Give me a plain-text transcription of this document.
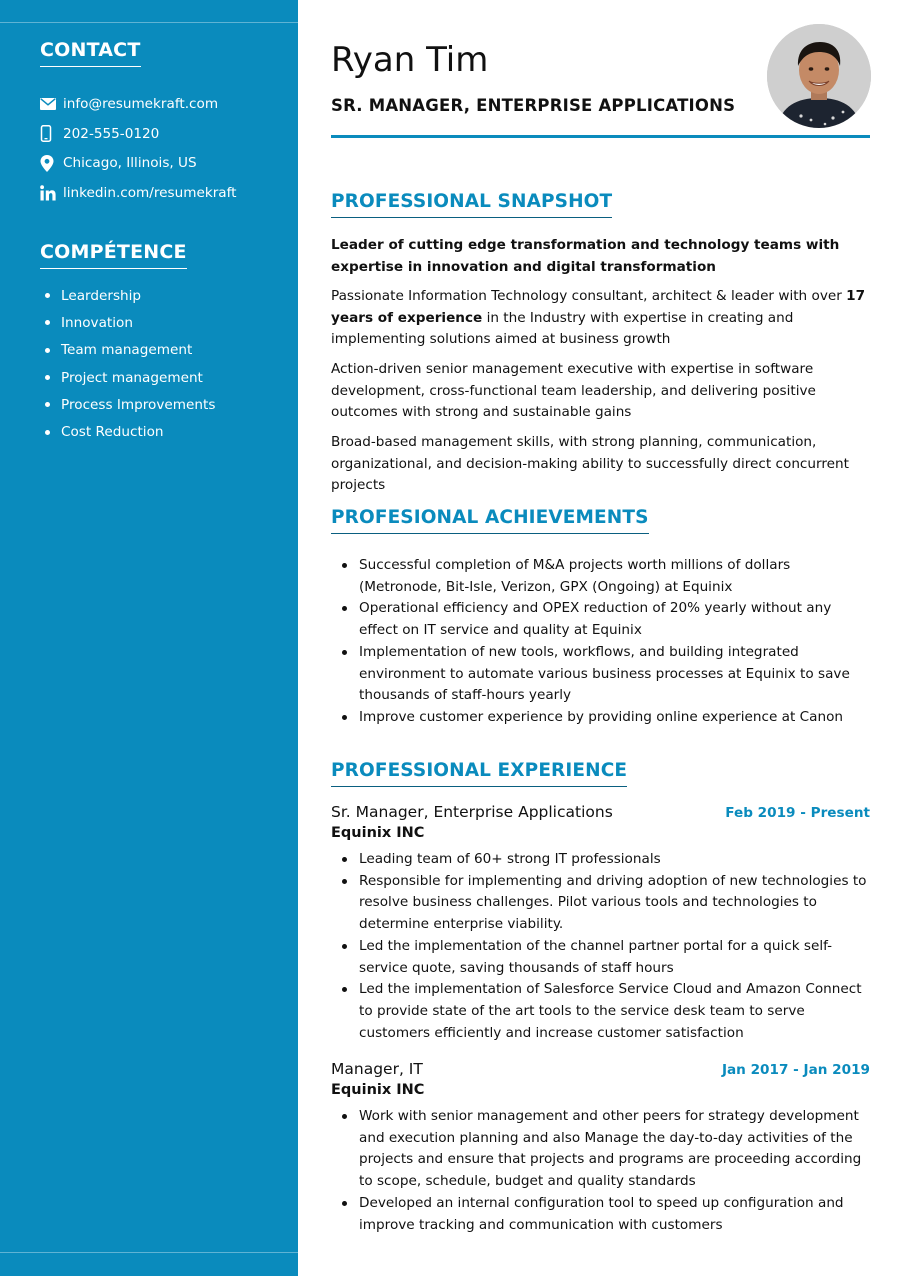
CONTACT
info@resumekraft.com
202-555-0120
Chicago, Illinois, US
linkedin.com/resumekraft
COMPÉTENCE
Leardership
Innovation
Team management
Project management
Process Improvements
Cost Reduction
Ryan Tim
SR. MANAGER, ENTERPRISE APPLICATIONS
PROFESSIONAL SNAPSHOT

Leader of cutting edge transformation and technology teams with expertise in innovation and digital transformation

Passionate Information Technology consultant, architect & leader with over 17 years of experience in the Industry with expertise in creating and implementing solutions aimed at business growth

Action-driven senior management executive with expertise in software development, cross-functional team leadership, and delivering positive outcomes with strong and sustainable gains

Broad-based management skills, with strong planning, communication, organizational, and decision-making ability to successfully direct concurrent projects

PROFESIONAL ACHIEVEMENTS
Successful completion of M&A projects worth millions of dollars (Metronode, Bit-Isle, Verizon, GPX (Ongoing) at Equinix
Operational efficiency and OPEX reduction of 20% yearly without any effect on IT service and quality at Equinix
Implementation of new tools, workflows, and building integrated environment to automate various business processes at Equinix to save thousands of staff-hours yearly
Improve customer experience by providing online experience at Canon
PROFESSIONAL EXPERIENCE
Sr. Manager, Enterprise Applications	Feb 2019 - Present
Equinix INC
Leading team of 60+ strong IT professionals
Responsible for implementing and driving adoption of new technologies to resolve business challenges. Pilot various tools and technologies to determine enterprise viability.
Led the implementation of the channel partner portal for a quick self-service quote, saving thousands of staff hours
Led the implementation of Salesforce Service Cloud and Amazon Connect to provide state of the art tools to the service desk team to serve customers efficiently and increase customer satisfaction
Manager, IT	Jan 2017 - Jan 2019
Equinix INC
Work with senior management and other peers for strategy development and execution planning and also Manage the day-to-day activities of the projects and ensure that projects and programs are proceeding according to scope, schedule, budget and quality standards
Developed an internal configuration tool to speed up configuration and improve tracking and communication with customers
